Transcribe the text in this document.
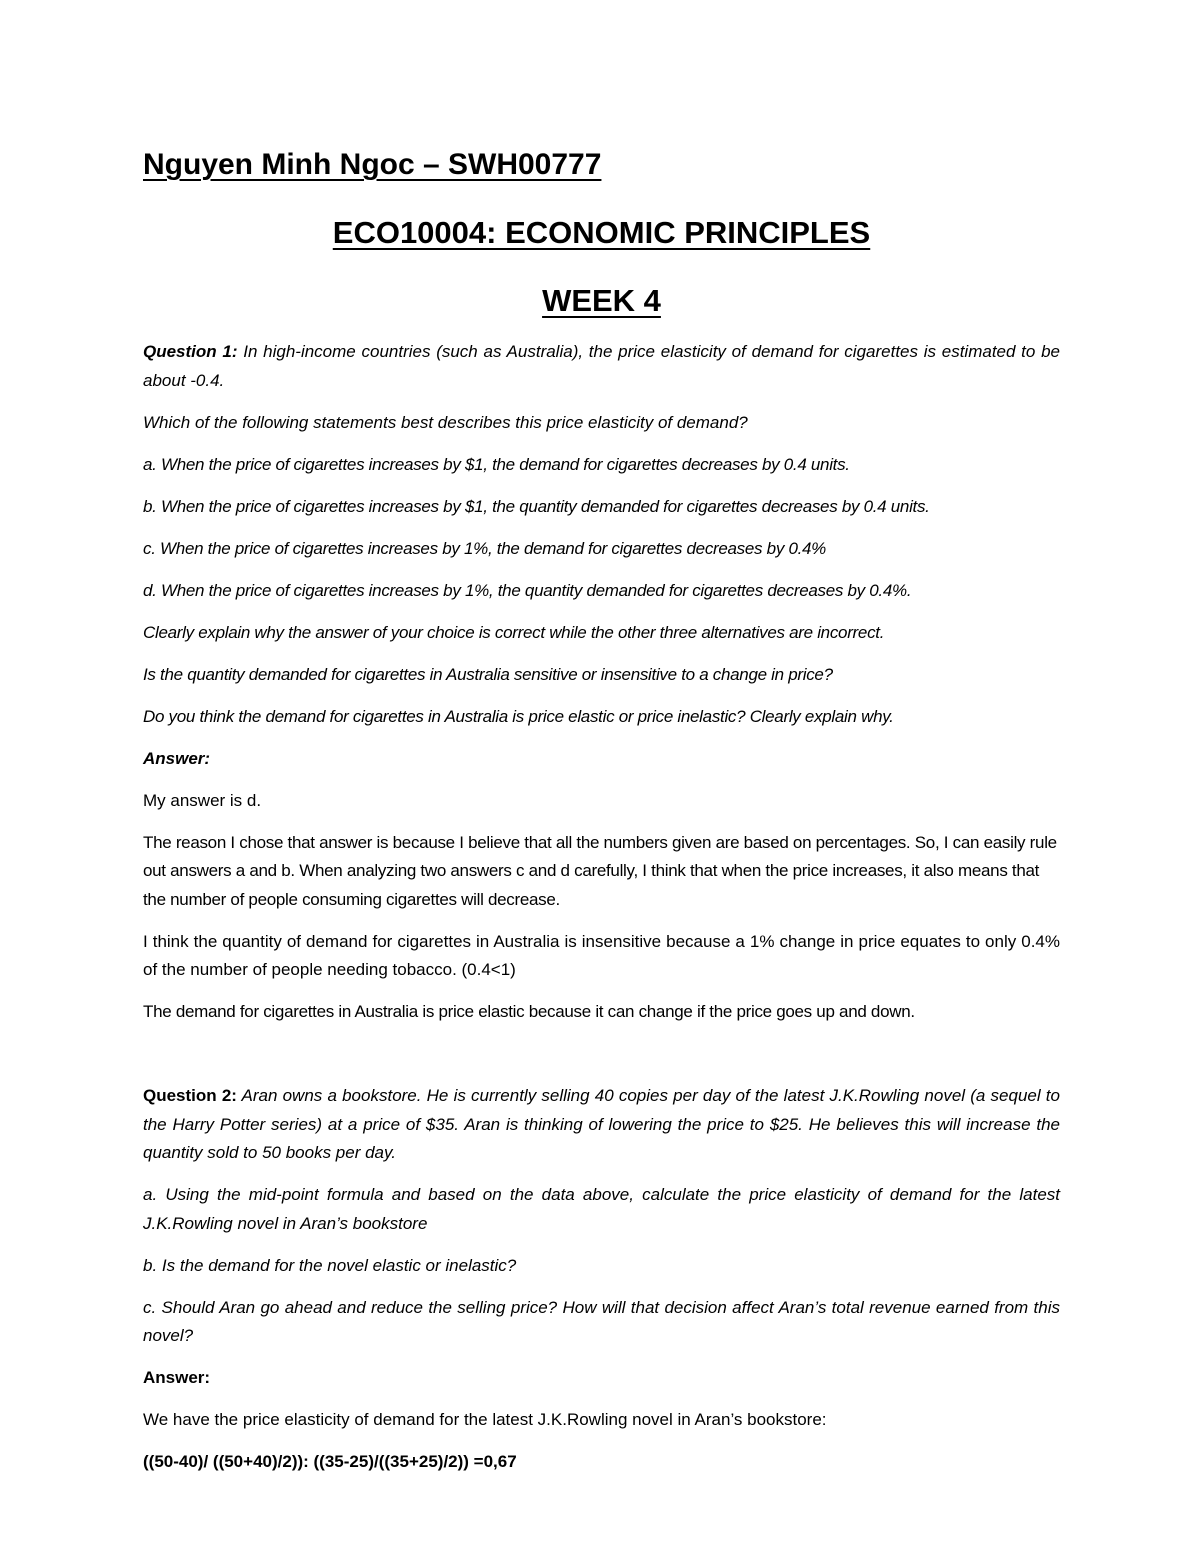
Nguyen Minh Ngoc – SWH00777
ECO10004: ECONOMIC PRINCIPLES
WEEK 4

Question 1: In high-income countries (such as Australia), the price elasticity of demand for cigarettes is estimated to be about -0.4.

Which of the following statements best describes this price elasticity of demand?

a. When the price of cigarettes increases by $1, the demand for cigarettes decreases by 0.4 units.

b. When the price of cigarettes increases by $1, the quantity demanded for cigarettes decreases by 0.4 units.

c. When the price of cigarettes increases by 1%, the demand for cigarettes decreases by 0.4%

d. When the price of cigarettes increases by 1%, the quantity demanded for cigarettes decreases by 0.4%.

Clearly explain why the answer of your choice is correct while the other three alternatives are incorrect.

Is the quantity demanded for cigarettes in Australia sensitive or insensitive to a change in price?

Do you think the demand for cigarettes in Australia is price elastic or price inelastic? Clearly explain why.

Answer:

My answer is d.

The reason I chose that answer is because I believe that all the numbers given are based on percentages. So, I can easily rule out answers a and b. When analyzing two answers c and d carefully, I think that when the price increases, it also means that the number of people consuming cigarettes will decrease.

I think the quantity of demand for cigarettes in Australia is insensitive because a 1% change in price equates to only 0.4% of the number of people needing tobacco. (0.4<1)

The demand for cigarettes in Australia is price elastic because it can change if the price goes up and down.

Question 2: Aran owns a bookstore. He is currently selling 40 copies per day of the latest J.K.Rowling novel (a sequel to the Harry Potter series) at a price of $35. Aran is thinking of lowering the price to $25. He believes this will increase the quantity sold to 50 books per day.

a. Using the mid-point formula and based on the data above, calculate the price elasticity of demand for the latest J.K.Rowling novel in Aran’s bookstore

b. Is the demand for the novel elastic or inelastic?

c. Should Aran go ahead and reduce the selling price? How will that decision affect Aran’s total revenue earned from this novel?

Answer:

We have the price elasticity of demand for the latest J.K.Rowling novel in Aran’s bookstore:

((50-40)/ ((50+40)/2)): ((35-25)/((35+25)/2)) =0,67
